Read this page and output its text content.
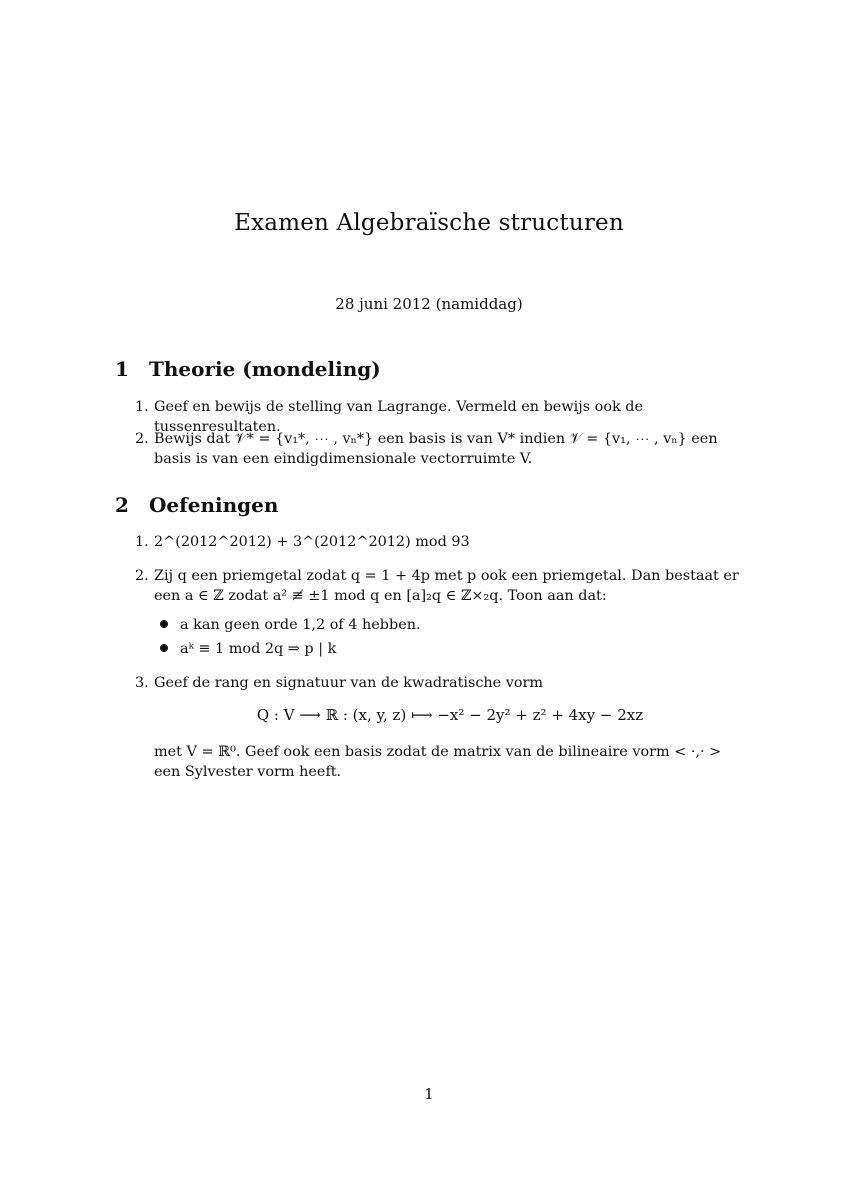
Examen Algebraïsche structuren
28 juni 2012 (namiddag)
1 Theorie (mondeling)
1. Geef en bewijs de stelling van Lagrange. Vermeld en bewijs ook de tussenresultaten.
2. Bewijs dat 𝒱* = {v₁*, ⋯ , vₙ*} een basis is van V* indien 𝒱 = {v₁, ⋯ , vₙ} een basis is van een eindigdimensionale vectorruimte V.
2 Oefeningen
1. 2^(2012^2012) + 3^(2012^2012) mod 93
2. Zij q een priemgetal zodat q = 1 + 4p met p ook een priemgetal. Dan bestaat er een a ∈ ℤ zodat a² ≢ ±1 mod q en [a]₂q ∈ ℤ×₂q. Toon aan dat:
a kan geen orde 1,2 of 4 hebben.
aᵏ ≡ 1 mod 2q ⇒ p | k
3. Geef de rang en signatuur van de kwadratische vorm
Q : V ⟶ ℝ : (x, y, z) ⟼ −x² − 2y² + z² + 4xy − 2xz
met V = ℝ⁰. Geef ook een basis zodat de matrix van de bilineaire vorm < ·,· > een Sylvester vorm heeft.
1
